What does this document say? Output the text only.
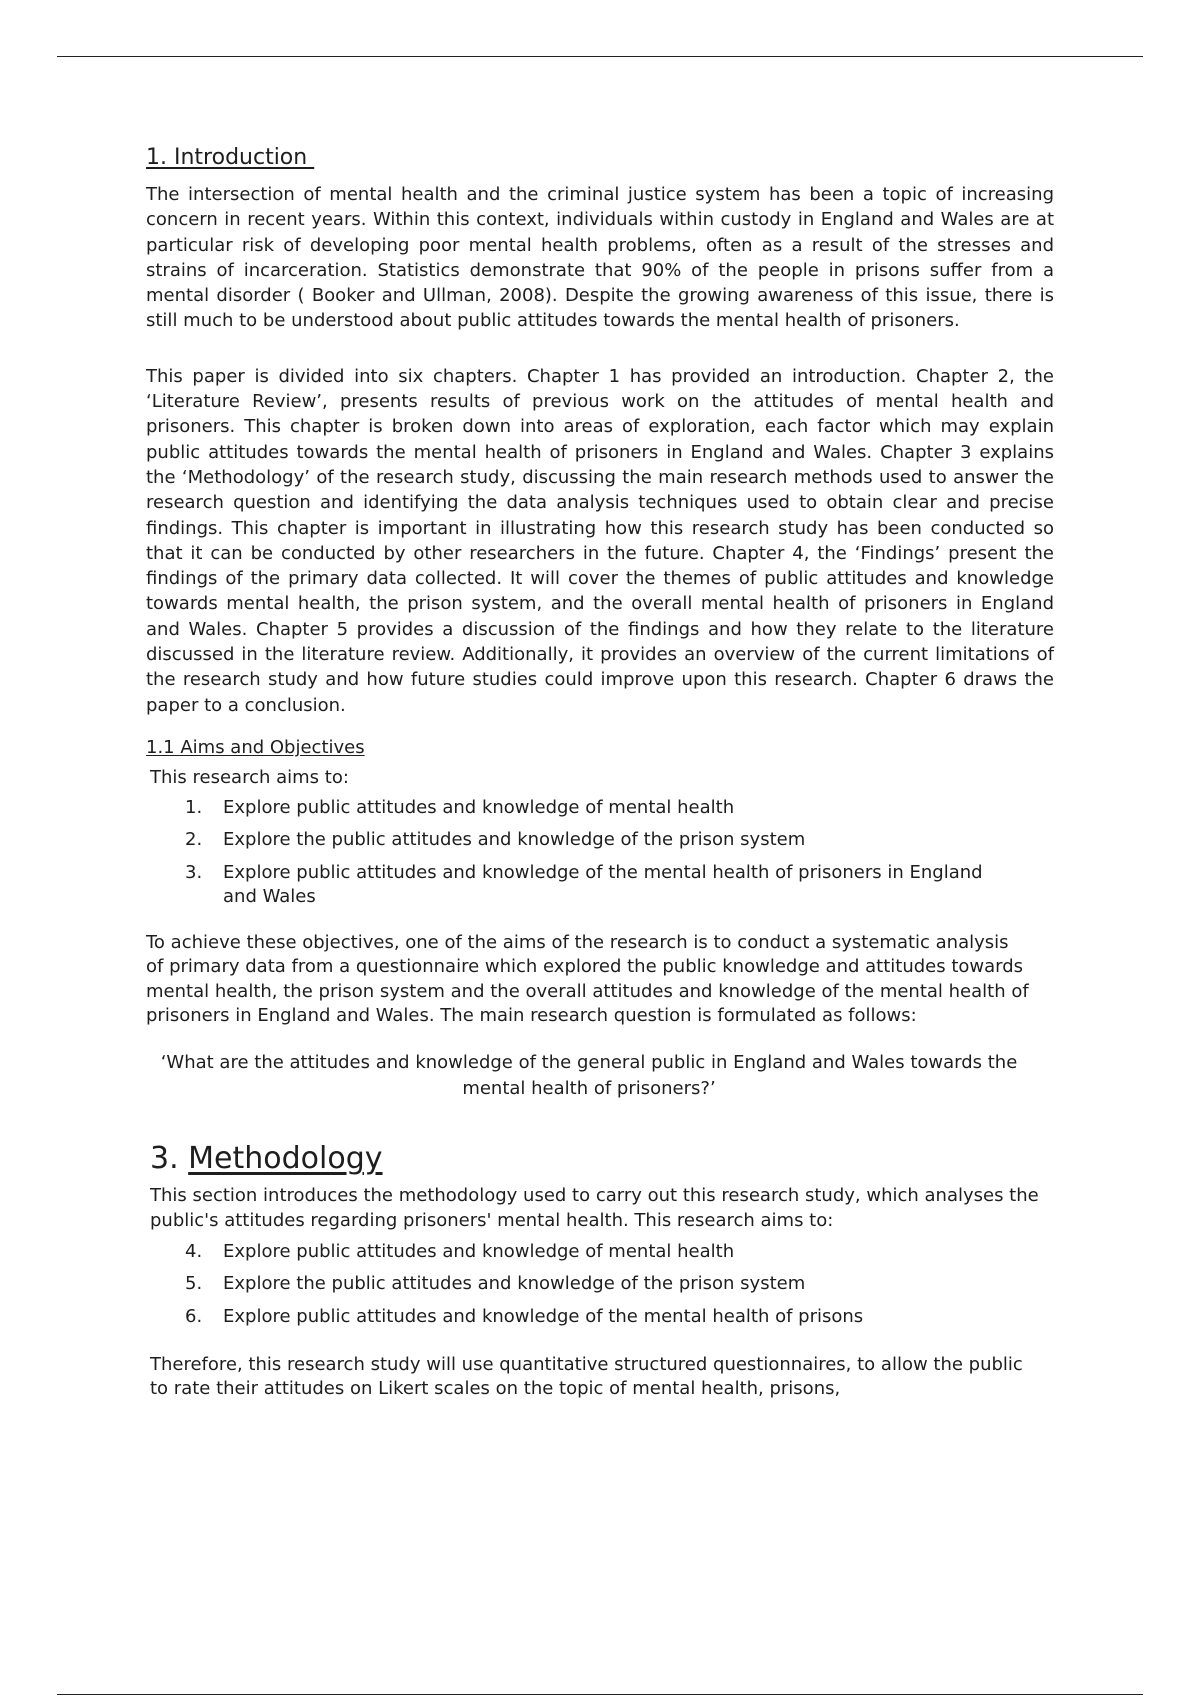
1. Introduction

The intersection of mental health and the criminal justice system has been a topic of increasing concern in recent years. Within this context, individuals within custody in England and Wales are at particular risk of developing poor mental health problems, often as a result of the stresses and strains of incarceration. Statistics demonstrate that 90% of the people in prisons suffer from a mental disorder ( Booker and Ullman, 2008). Despite the growing awareness of this issue, there is still much to be understood about public attitudes towards the mental health of prisoners.

This paper is divided into six chapters. Chapter 1 has provided an introduction. Chapter 2, the ‘Literature Review’, presents results of previous work on the attitudes of mental health and prisoners. This chapter is broken down into areas of exploration, each factor which may explain public attitudes towards the mental health of prisoners in England and Wales. Chapter 3 explains the ‘Methodology’ of the research study, discussing the main research methods used to answer the research question and identifying the data analysis techniques used to obtain clear and precise findings. This chapter is important in illustrating how this research study has been conducted so that it can be conducted by other researchers in the future. Chapter 4, the ‘Findings’ present the findings of the primary data collected. It will cover the themes of public attitudes and knowledge towards mental health, the prison system, and the overall mental health of prisoners in England and Wales. Chapter 5 provides a discussion of the findings and how they relate to the literature discussed in the literature review. Additionally, it provides an overview of the current limitations of the research study and how future studies could improve upon this research. Chapter 6 draws the paper to a conclusion.

1.1 Aims and Objectives

This research aims to:

1. Explore public attitudes and knowledge of mental health
2. Explore the public attitudes and knowledge of the prison system
3. Explore public attitudes and knowledge of the mental health of prisoners in England and Wales

To achieve these objectives, one of the aims of the research is to conduct a systematic analysis of primary data from a questionnaire which explored the public knowledge and attitudes towards mental health, the prison system and the overall attitudes and knowledge of the mental health of prisoners in England and Wales. The main research question is formulated as follows:

‘What are the attitudes and knowledge of the general public in England and Wales towards the mental health of prisoners?’

3. Methodology

This section introduces the methodology used to carry out this research study, which analyses the public's attitudes regarding prisoners' mental health. This research aims to:

4. Explore public attitudes and knowledge of mental health
5. Explore the public attitudes and knowledge of the prison system
6. Explore public attitudes and knowledge of the mental health of prisons

Therefore, this research study will use quantitative structured questionnaires, to allow the public to rate their attitudes on Likert scales on the topic of mental health, prisons,
